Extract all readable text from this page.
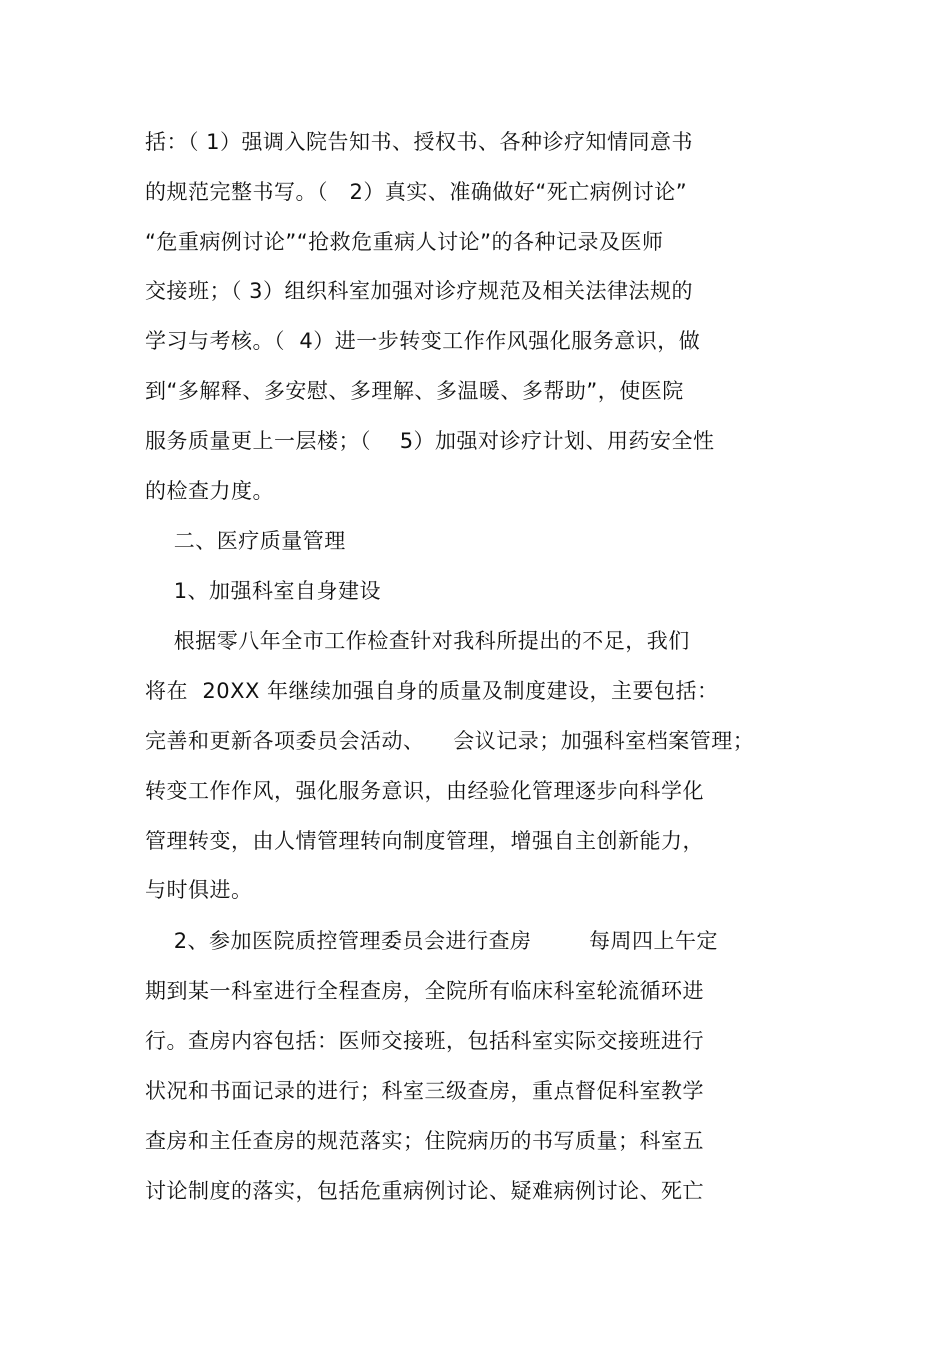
括：（ 1）强调入院告知书、授权书、各种诊疗知情同意书
的规范完整书写。（   2）真实、准确做好“死亡病例讨论”
“危重病例讨论”“抢救危重病人讨论”的各种记录及医师
交接班；（ 3）组织科室加强对诊疗规范及相关法律法规的
学习与考核。（  4）进一步转变工作作风强化服务意识，做
到“多解释、多安慰、多理解、多温暖、多帮助”，使医院
服务质量更上一层楼；（    5）加强对诊疗计划、用药安全性
的检查力度。
二、医疗质量管理
1、加强科室自身建设
根据零八年全市工作检查针对我科所提出的不足，我们
将在  20XX 年继续加强自身的质量及制度建设，主要包括：
完善和更新各项委员会活动、    会议记录；加强科室档案管理；
转变工作作风，强化服务意识，由经验化管理逐步向科学化
管理转变，由人情管理转向制度管理，增强自主创新能力，
与时俱进。
2、参加医院质控管理委员会进行查房        每周四上午定
期到某一科室进行全程查房，全院所有临床科室轮流循环进
行。查房内容包括：医师交接班，包括科室实际交接班进行
状况和书面记录的进行；科室三级查房，重点督促科室教学
查房和主任查房的规范落实；住院病历的书写质量；科室五
讨论制度的落实，包括危重病例讨论、疑难病例讨论、死亡
